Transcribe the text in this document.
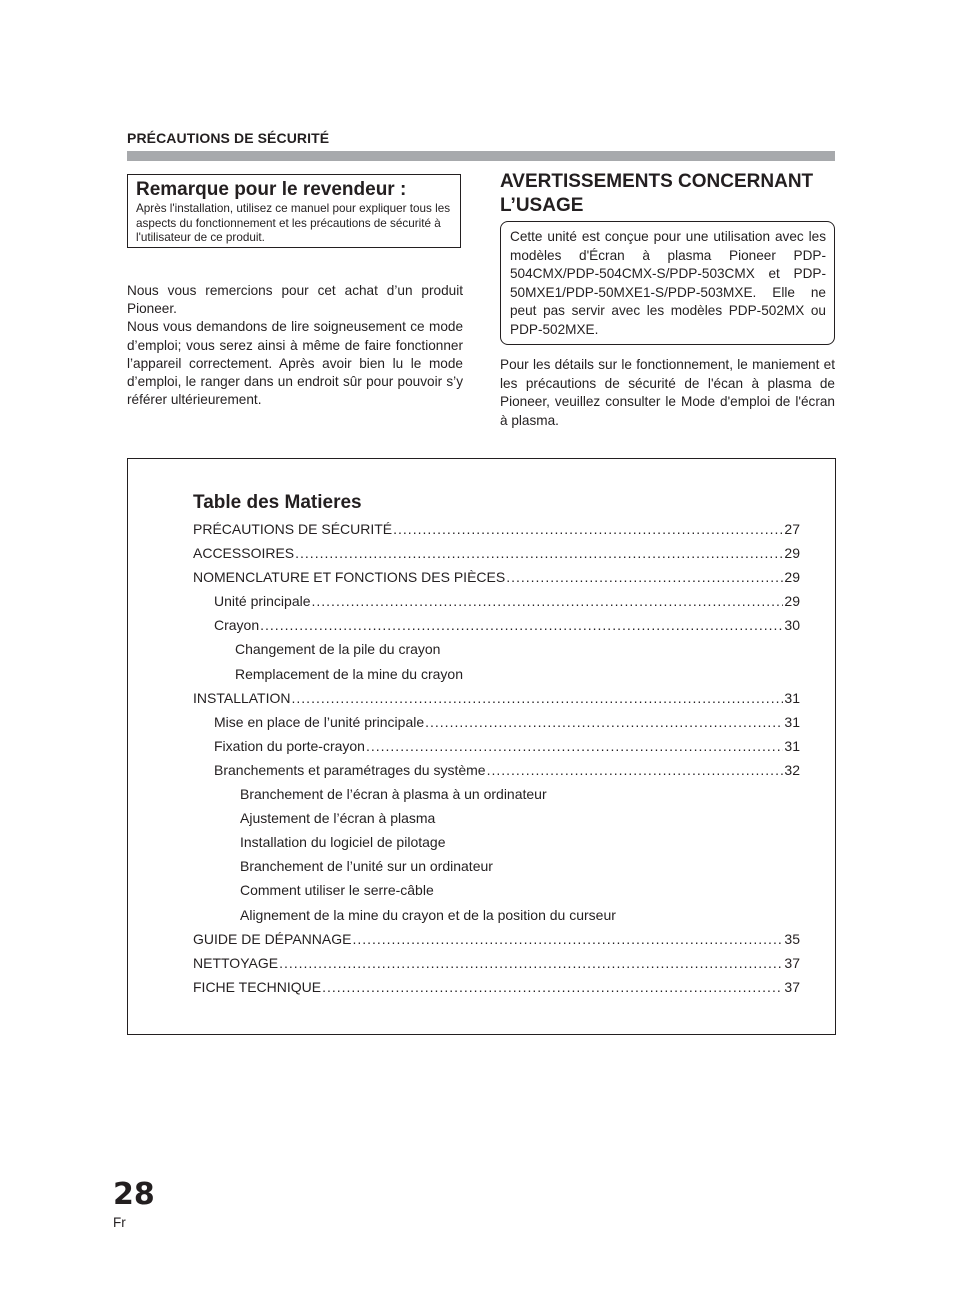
PRÉCAUTIONS DE SÉCURITÉ
Remarque pour le revendeur :
Après l'installation, utilisez ce manuel pour expliquer tous les aspects du fonctionnement et les précautions de sécurité à l'utilisateur de ce produit.

Nous vous remercions pour cet achat d’un produit Pioneer.

Nous vous demandons de lire soigneusement ce mode d’emploi; vous serez ainsi à même de faire fonctionner l’appareil correctement. Après avoir bien lu le mode d’emploi, le ranger dans un endroit sûr pour pouvoir s’y référer ultérieurement.

AVERTISSEMENTS CONCERNANT L’USAGE
Cette unité est conçue pour une utilisation avec les modèles d'Écran à plasma Pioneer PDP-504CMX/PDP-504CMX-S/PDP-503CMX et PDP-50MXE1/PDP-50MXE1-S/PDP-503MXE. Elle ne peut pas servir avec les modèles PDP-502MX ou PDP-502MXE.
Pour les détails sur le fonctionnement, le maniement et les précautions de sécurité de l'écan à plasma de Pioneer, veuillez consulter le Mode d'emploi de l'écran à plasma.
Table des Matieres
PRÉCAUTIONS DE SÉCURITÉ .....	27
ACCESSOIRES .....	29
NOMENCLATURE ET FONCTIONS DES PIÈCES .....	29
Unité principale .....	29
Crayon .....	30
Changement de la pile du crayon
Remplacement de la mine du crayon
INSTALLATION .....	31
Mise en place de l’unité principale .....	31
Fixation du porte-crayon .....	31
Branchements et paramétrages du système .....	32
Branchement de l’écran à plasma à un ordinateur
Ajustement de l’écran à plasma
Installation du logiciel de pilotage
Branchement de l’unité sur un ordinateur
Comment utiliser le serre-câble
Alignement de la mine du crayon et de la position du curseur
GUIDE DE DÉPANNAGE .....	35
NETTOYAGE .....	37
FICHE TECHNIQUE .....	37
28
Fr
